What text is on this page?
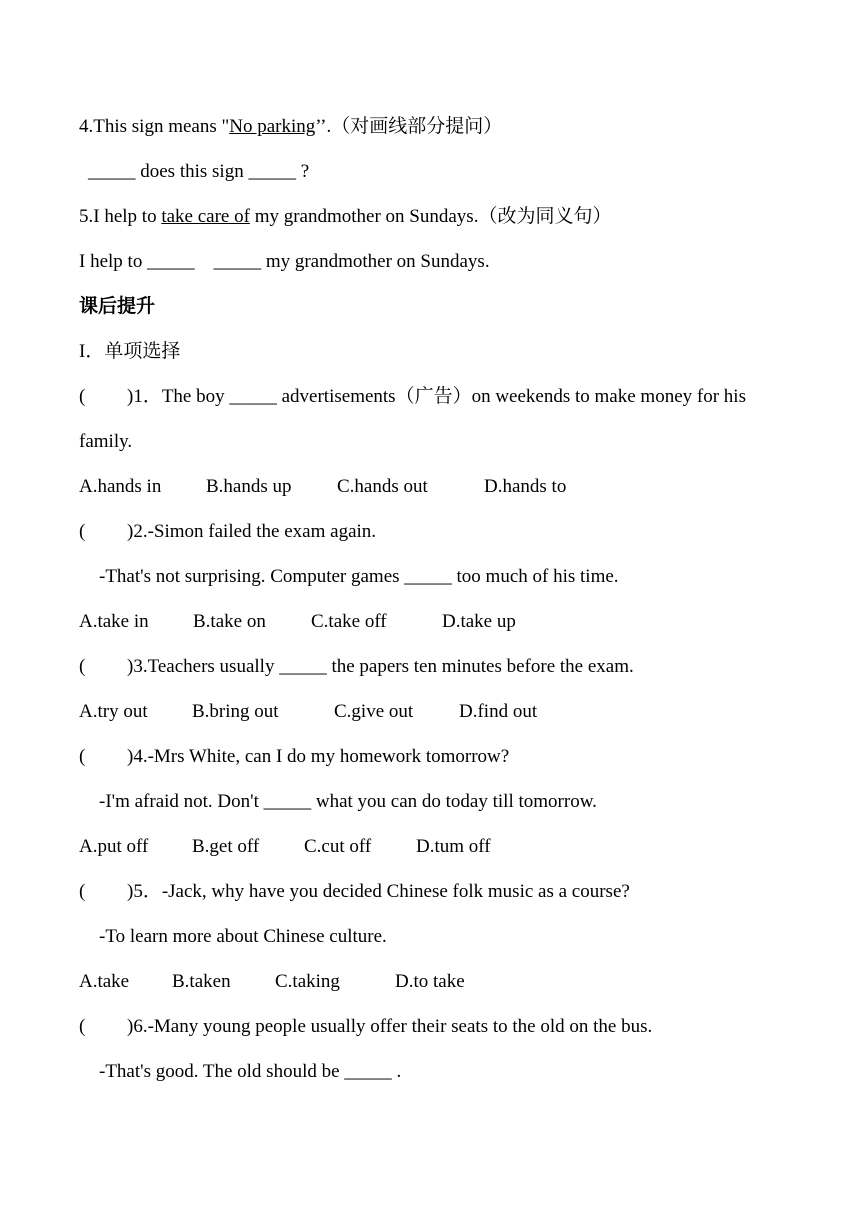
4.This sign means "No parking’’.（对画线部分提问）
_____ does this sign _____ ?
5.I help to take care of my grandmother on Sundays.（改为同义句）
I help to _____    _____ my grandmother on Sundays.
课后提升
I．单项选择
( )1．The boy _____ advertisements（广告）on weekends to make money for his
family.
A.hands in B.hands up C.hands out	D.hands to
( )2.-Simon failed the exam again.
-That's not surprising. Computer games _____ too much of his time.
A.take in B.take on C.take off	D.take up
( )3.Teachers usually _____ the papers ten minutes before the exam.
A.try out B.bring out	C.give out D.find out
( )4.-Mrs White, can I do my homework tomorrow?
-I'm afraid not. Don't _____ what you can do today till tomorrow.
A.put off B.get off C.cut off D.tum off
( )5．-Jack, why have you decided Chinese folk music as a course?
-To learn more about Chinese culture.
A.take B.taken C.taking	D.to take
( )6.-Many young people usually offer their seats to the old on the bus.
-That's good. The old should be _____ .
